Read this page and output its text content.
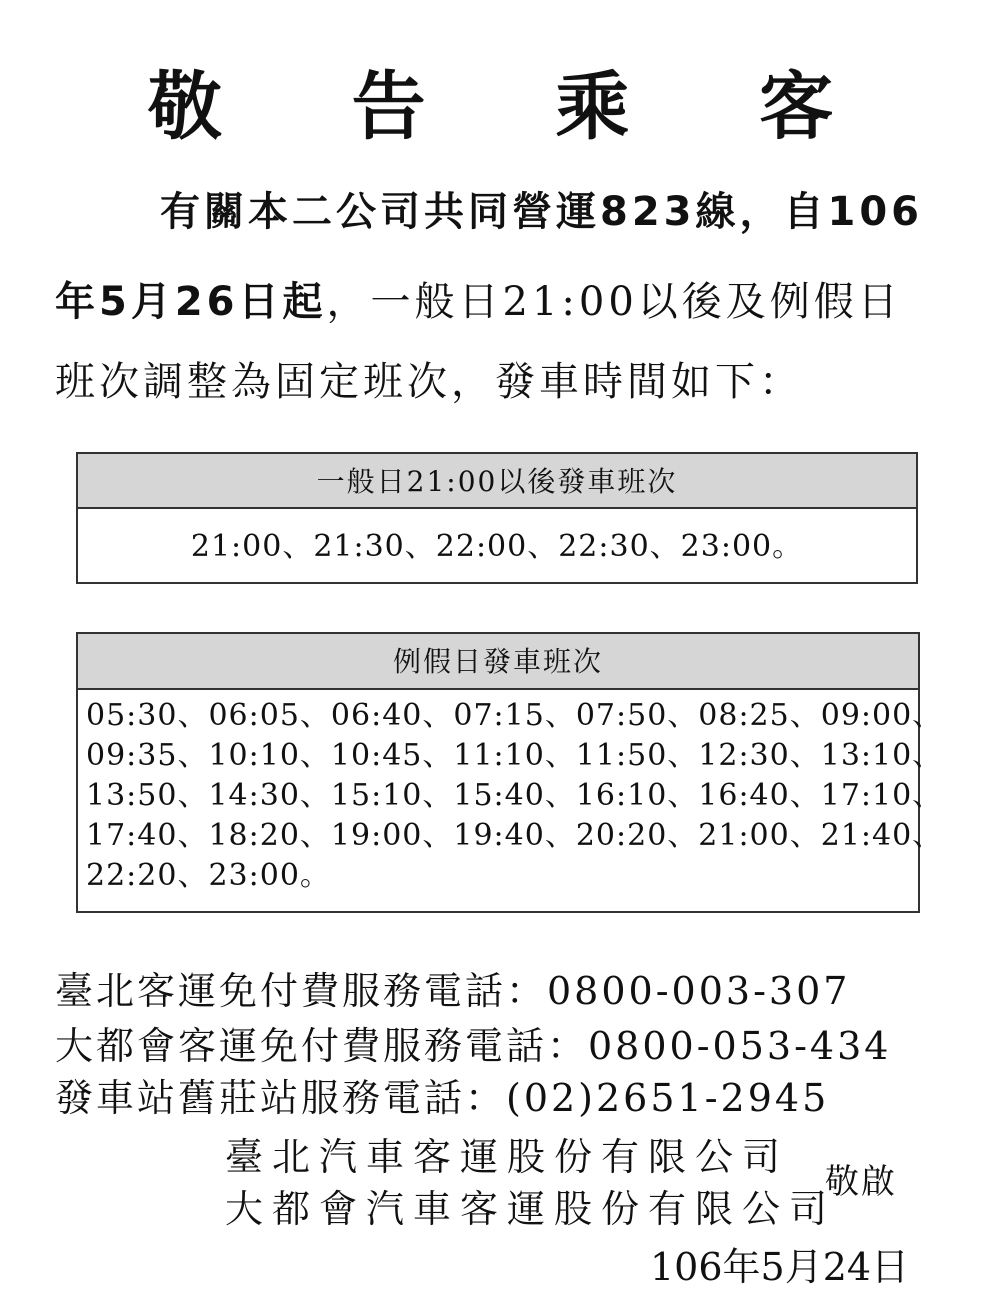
敬 告 乘 客
有關本二公司共同營運823線，自106
年5月26日起，一般日21:00以後及例假日
班次調整為固定班次，發車時間如下：
一般日21:00以後發車班次
21:00、21:30、22:00、22:30、23:00。
例假日發車班次
05:30、06:05、06:40、07:15、07:50、08:25、09:00、
09:35、10:10、10:45、11:10、11:50、12:30、13:10、
13:50、14:30、15:10、15:40、16:10、16:40、17:10、
17:40、18:20、19:00、19:40、20:20、21:00、21:40、
22:20、23:00。
臺北客運免付費服務電話：0800-003-307
大都會客運免付費服務電話：0800-053-434
發車站舊莊站服務電話：(02)2651-2945
臺北汽車客運股份有限公司
大都會汽車客運股份有限公司
敬啟
106年5月24日
